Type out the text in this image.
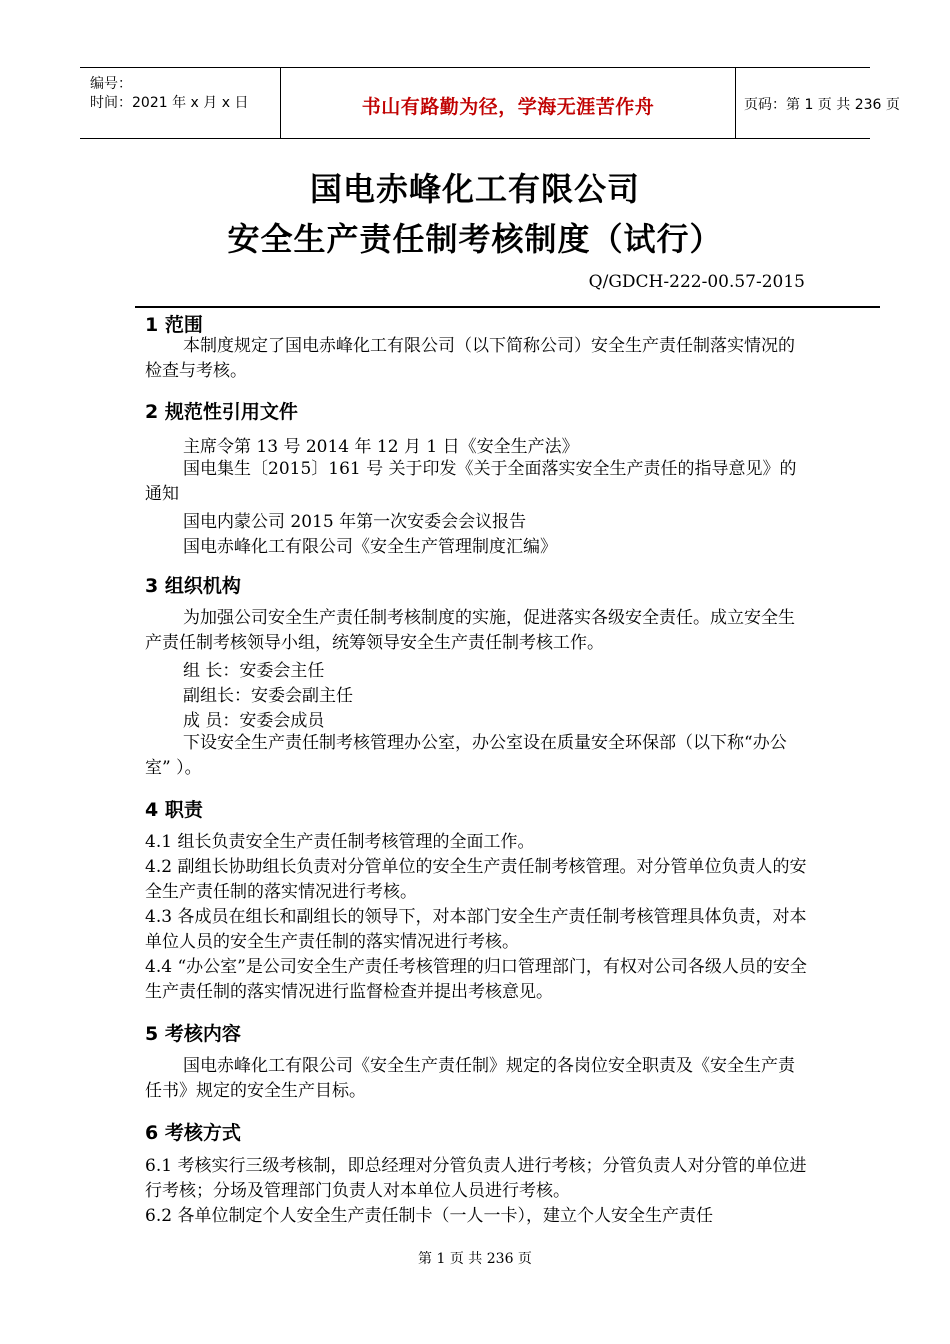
编号：
时间：2021 年 x 月 x 日	书山有路勤为径，学海无涯苦作舟	页码：第 1 页 共 236 页
国电赤峰化工有限公司
安全生产责任制考核制度（试行）
Q/GDCH-222-00.57-2015
1 范围
本制度规定了国电赤峰化工有限公司（以下简称公司）安全生产责任制落实情况的检查与考核。
2 规范性引用文件
主席令第 13 号 2014 年 12 月 1 日《安全生产法》
国电集生〔2015〕161 号 关于印发《关于全面落实安全生产责任的指导意见》的通知
国电内蒙公司 2015 年第一次安委会会议报告
国电赤峰化工有限公司《安全生产管理制度汇编》
3 组织机构
为加强公司安全生产责任制考核制度的实施，促进落实各级安全责任。成立安全生产责任制考核领导小组，统筹领导安全生产责任制考核工作。
组 长：安委会主任
副组长：安委会副主任
成 员：安委会成员
下设安全生产责任制考核管理办公室，办公室设在质量安全环保部（以下称“办公室” ）。
4 职责
4.1 组长负责安全生产责任制考核管理的全面工作。
4.2 副组长协助组长负责对分管单位的安全生产责任制考核管理。对分管单位负责人的安全生产责任制的落实情况进行考核。
4.3 各成员在组长和副组长的领导下，对本部门安全生产责任制考核管理具体负责，对本单位人员的安全生产责任制的落实情况进行考核。
4.4 “办公室”是公司安全生产责任考核管理的归口管理部门，有权对公司各级人员的安全生产责任制的落实情况进行监督检查并提出考核意见。
5 考核内容
国电赤峰化工有限公司《安全生产责任制》规定的各岗位安全职责及《安全生产责任书》规定的安全生产目标。
6 考核方式
6.1 考核实行三级考核制，即总经理对分管负责人进行考核；分管负责人对分管的单位进行考核；分场及管理部门负责人对本单位人员进行考核。
6.2 各单位制定个人安全生产责任制卡（一人一卡），建立个人安全生产责任
第 1 页 共 236 页
